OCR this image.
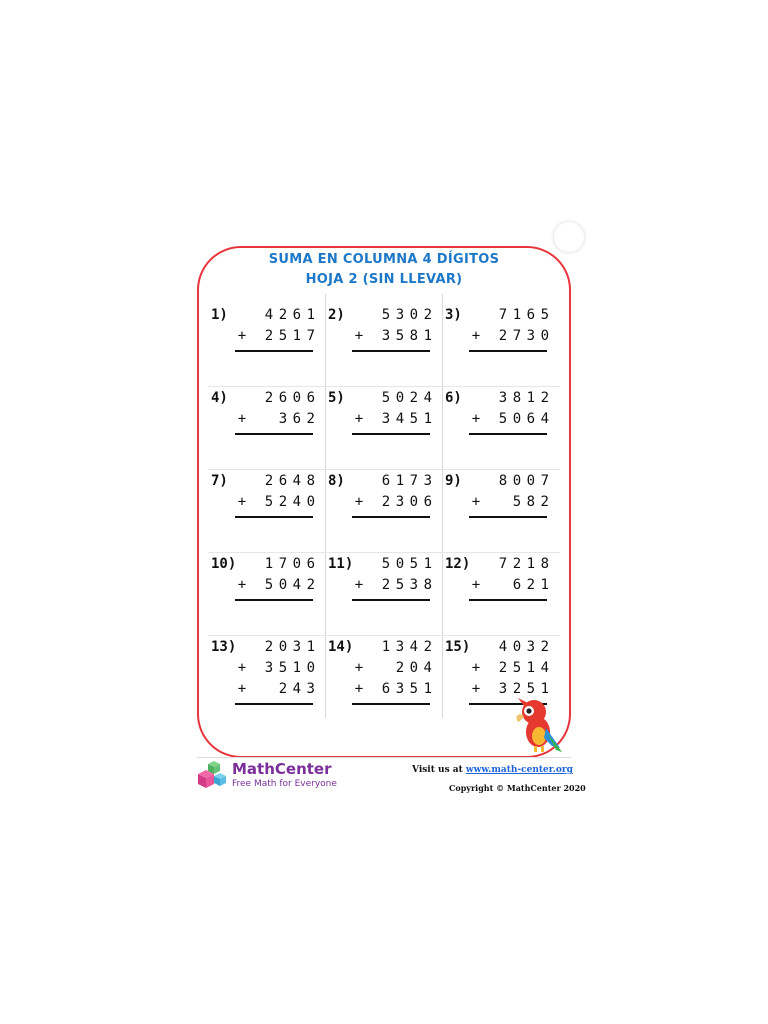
SUMA EN COLUMNA 4 DÍGITOS
HOJA 2 (SIN LLEVAR)
1)	4261
+ 2517
2)	5302
+ 3581
3)	7165
+ 2730
4)	2606
+ 362
5)	5024
+ 3451
6)	3812
+ 5064
7)	2648
+ 5240
8)	6173
+ 2306
9)	8007
+ 582
10) 1706
+ 5042
11) 5051
+ 2538
12) 7218
+ 621
13) 2031
+ 3510
+ 243
14) 1342
+ 204
+ 6351
15) 4032
+ 2514
+ 3251
MathCenter
Free Math for Everyone
Visit us at www.math-center.org
Copyright © MathCenter 2020
